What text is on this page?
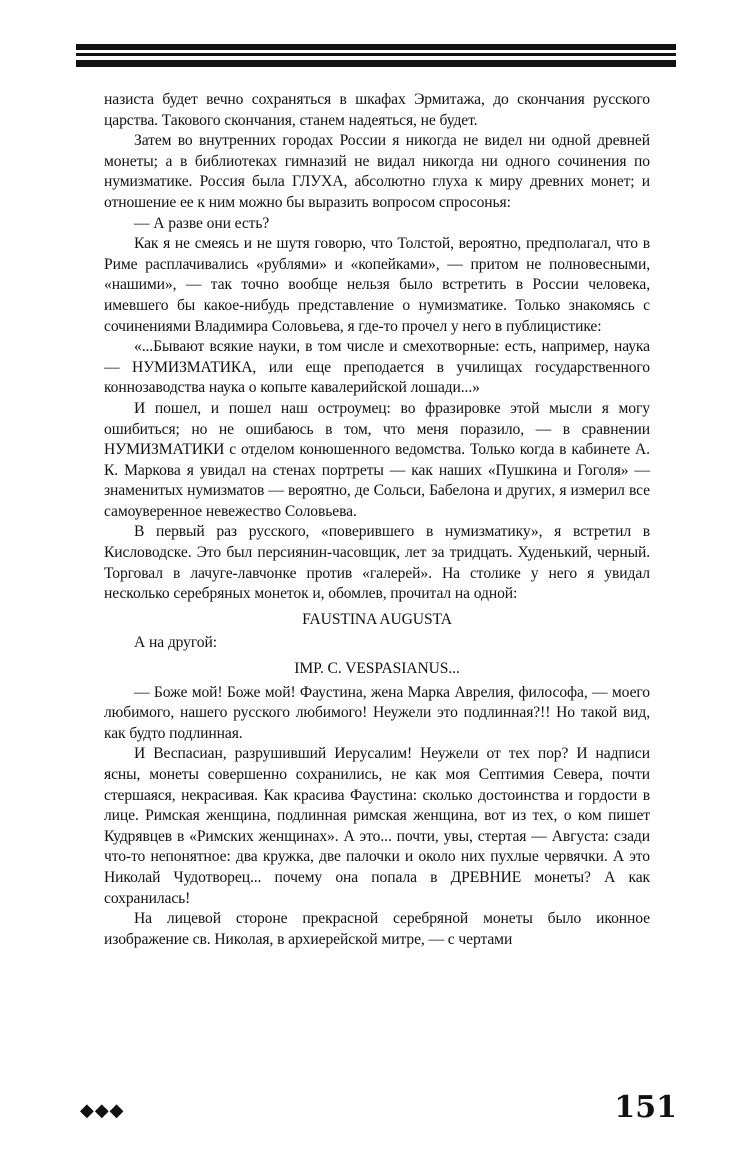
назиста будет вечно сохраняться в шкафах Эрмитажа, до скончания русского царства. Такового скончания, станем надеяться, не будет.

Затем во внутренних городах России я никогда не видел ни одной древней монеты; а в библиотеках гимназий не видал никогда ни одного сочинения по нумизматике. Россия была ГЛУХА, абсолютно глуха к миру древних монет; и отношение ее к ним можно бы выразить вопросом спросонья:

— А разве они есть?

Как я не смеясь и не шутя говорю, что Толстой, вероятно, предполагал, что в Риме расплачивались «рублями» и «копейками», — притом не полновесными, «нашими», — так точно вообще нельзя было встретить в России человека, имевшего бы какое-нибудь представление о нумизматике. Только знакомясь с сочинениями Владимира Соловьева, я где-то прочел у него в публицистике:

«...Бывают всякие науки, в том числе и смехотворные: есть, например, наука — НУМИЗМАТИКА, или еще преподается в училищах государственного коннозаводства наука о копыте кавалерийской лошади...»

И пошел, и пошел наш остроумец: во фразировке этой мысли я могу ошибиться; но не ошибаюсь в том, что меня поразило, — в сравнении НУМИЗМАТИКИ с отделом конюшенного ведомства. Только когда в кабинете А. К. Маркова я увидал на стенах портреты — как наших «Пушкина и Гоголя» — знаменитых нумизматов — вероятно, де Сольси, Бабелона и других, я измерил все самоуверенное невежество Соловьева.

В первый раз русского, «поверившего в нумизматику», я встретил в Кисловодске. Это был персиянин-часовщик, лет за тридцать. Худенький, черный. Торговал в лачуге-лавчонке против «галерей». На столике у него я увидал несколько серебряных монеток и, обомлев, прочитал на одной:

FAUSTINA AUGUSTA

А на другой:

IMP. C. VESPASIANUS...

— Боже мой! Боже мой! Фаустина, жена Марка Аврелия, философа, — моего любимого, нашего русского любимого! Неужели это подлинная?!! Но такой вид, как будто подлинная.

И Веспасиан, разрушивший Иерусалим! Неужели от тех пор? И надписи ясны, монеты совершенно сохранились, не как моя Септимия Севера, почти стершаяся, некрасивая. Как красива Фаустина: сколько достоинства и гордости в лице. Римская женщина, подлинная римская женщина, вот из тех, о ком пишет Кудрявцев в «Римских женщинах». А это... почти, увы, стертая — Августа: сзади что-то непонятное: два кружка, две палочки и около них пухлые червячки. А это Николай Чудотворец... почему она попала в ДРЕВНИЕ монеты? А как сохранилась!

На лицевой стороне прекрасной серебряной монеты было иконное изображение св. Николая, в архиерейской митре, — с чертами

◆◆◆	151
